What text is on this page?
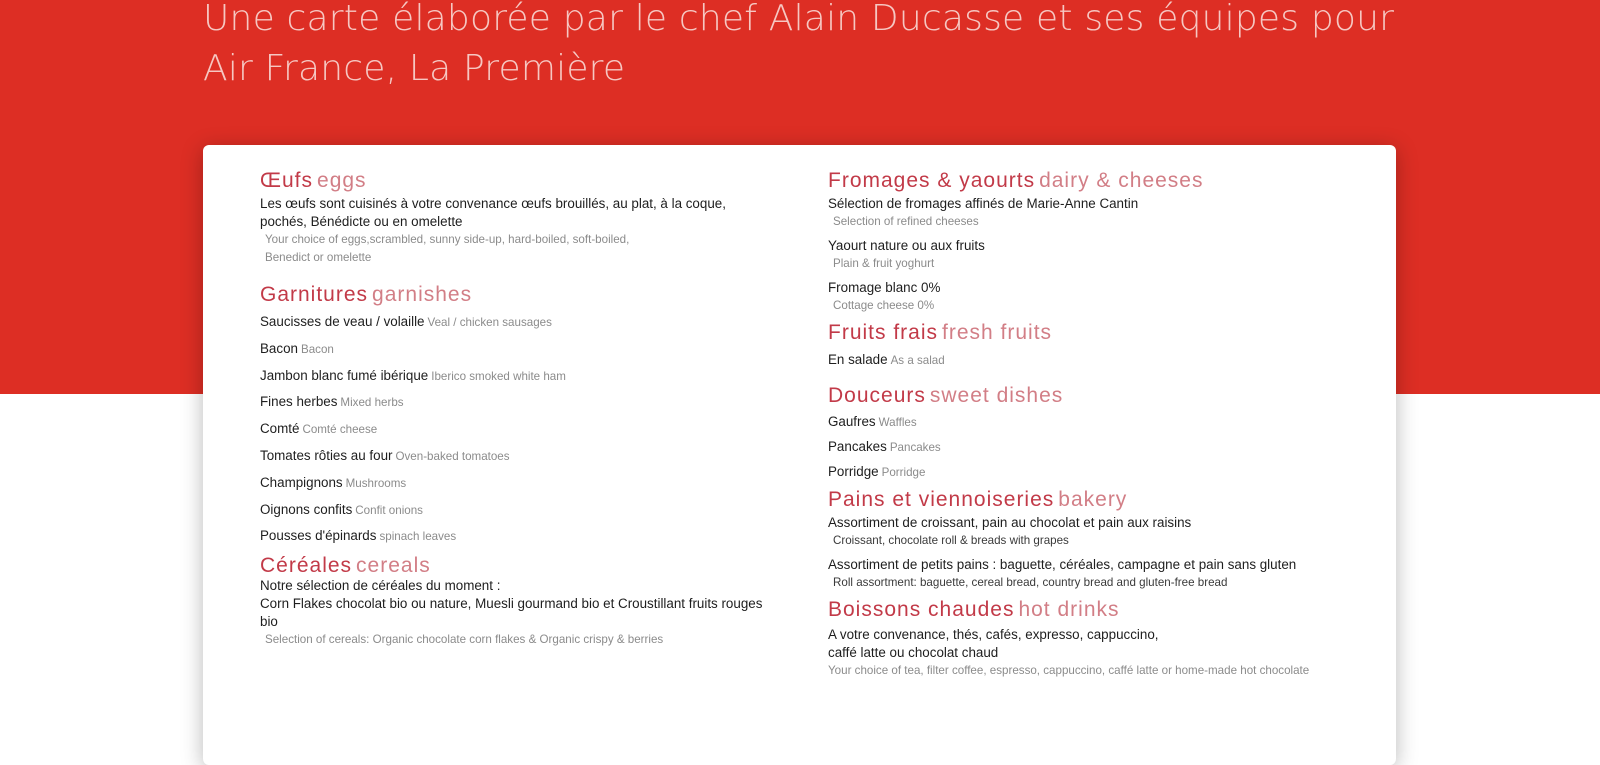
Une carte élaborée par le chef Alain Ducasse et ses équipes pour Air France, La Première
Œufs eggs
Les œufs sont cuisinés à votre convenance œufs brouillés, au plat, à la coque, pochés, Bénédicte ou en omelette
Your choice of eggs,scrambled, sunny side-up, hard-boiled, soft-boiled, Benedict or omelette
Garnitures garnishes
Saucisses de veau / volaille Veal / chicken sausages
Bacon Bacon
Jambon blanc fumé ibérique Iberico smoked white ham
Fines herbes Mixed herbs
Comté Comté cheese
Tomates rôties au four Oven-baked tomatoes
Champignons Mushrooms
Oignons confits Confit onions
Pousses d'épinards spinach leaves
Céréales cereals
Notre sélection de céréales du moment :
Corn Flakes chocolat bio ou nature, Muesli gourmand bio et Croustillant fruits rouges bio
Selection of cereals: Organic chocolate corn flakes & Organic crispy & berries
Fromages & yaourts dairy & cheeses
Sélection de fromages affinés de Marie-Anne Cantin
Selection of refined cheeses
Yaourt nature ou aux fruits
Plain & fruit yoghurt
Fromage blanc 0%
Cottage cheese 0%
Fruits frais fresh fruits
En salade As a salad
Douceurs sweet dishes
Gaufres Waffles
Pancakes Pancakes
Porridge Porridge
Pains et viennoiseries bakery
Assortiment de croissant, pain au chocolat et pain aux raisins
Croissant, chocolate roll & breads with grapes
Assortiment de petits pains : baguette, céréales, campagne et pain sans gluten
Roll assortment: baguette, cereal bread, country bread and gluten-free bread
Boissons chaudes hot drinks
A votre convenance, thés, cafés, expresso, cappuccino,
caffé latte ou chocolat chaud
Your choice of tea, filter coffee, espresso, cappuccino, caffé latte or home-made hot chocolate
